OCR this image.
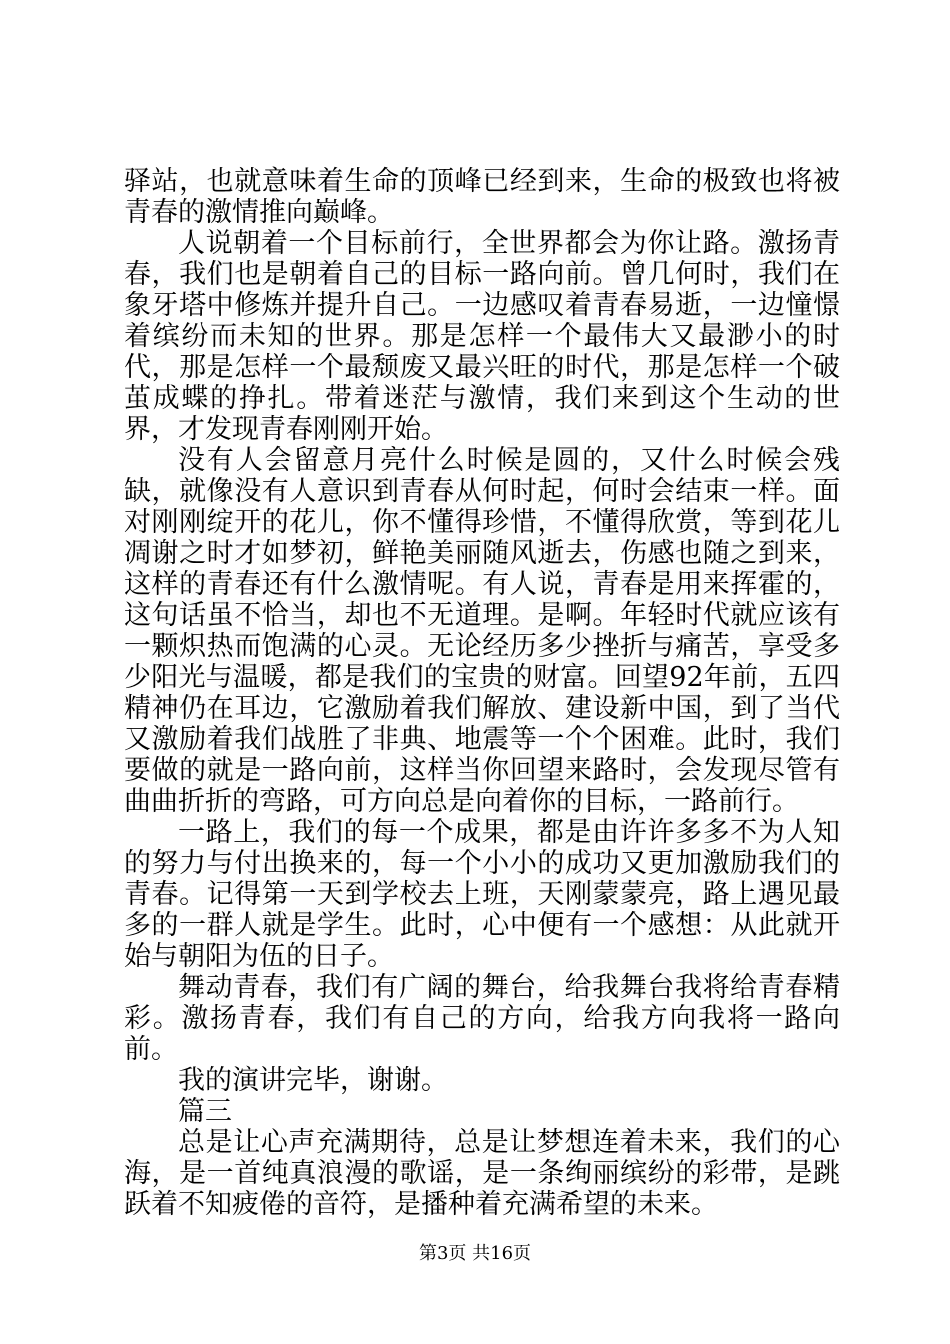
驿站，也就意味着生命的顶峰已经到来，生命的极致也将被青春的激情推向巅峰。

人说朝着一个目标前行，全世界都会为你让路。激扬青春，我们也是朝着自己的目标一路向前。曾几何时，我们在象牙塔中修炼并提升自己。一边感叹着青春易逝，一边憧憬着缤纷而未知的世界。那是怎样一个最伟大又最渺小的时代，那是怎样一个最颓废又最兴旺的时代，那是怎样一个破茧成蝶的挣扎。带着迷茫与激情，我们来到这个生动的世界，才发现青春刚刚开始。

没有人会留意月亮什么时候是圆的，又什么时候会残缺，就像没有人意识到青春从何时起，何时会结束一样。面对刚刚绽开的花儿，你不懂得珍惜，不懂得欣赏，等到花儿凋谢之时才如梦初，鲜艳美丽随风逝去，伤感也随之到来，这样的青春还有什么激情呢。有人说，青春是用来挥霍的，这句话虽不恰当，却也不无道理。是啊。年轻时代就应该有一颗炽热而饱满的心灵。无论经历多少挫折与痛苦，享受多少阳光与温暖，都是我们的宝贵的财富。回望92年前，五四精神仍在耳边，它激励着我们解放、建设新中国，到了当代又激励着我们战胜了非典、地震等一个个困难。此时，我们要做的就是一路向前，这样当你回望来路时，会发现尽管有曲曲折折的弯路，可方向总是向着你的目标，一路前行。

一路上，我们的每一个成果，都是由许许多多不为人知的努力与付出换来的，每一个小小的成功又更加激励我们的青春。记得第一天到学校去上班，天刚蒙蒙亮，路上遇见最多的一群人就是学生。此时，心中便有一个感想：从此就开始与朝阳为伍的日子。

舞动青春，我们有广阔的舞台，给我舞台我将给青春精彩。激扬青春，我们有自己的方向，给我方向我将一路向前。

我的演讲完毕，谢谢。

篇三

总是让心声充满期待，总是让梦想连着未来，我们的心海，是一首纯真浪漫的歌谣，是一条绚丽缤纷的彩带，是跳跃着不知疲倦的音符，是播种着充满希望的未来。

第3页 共16页
